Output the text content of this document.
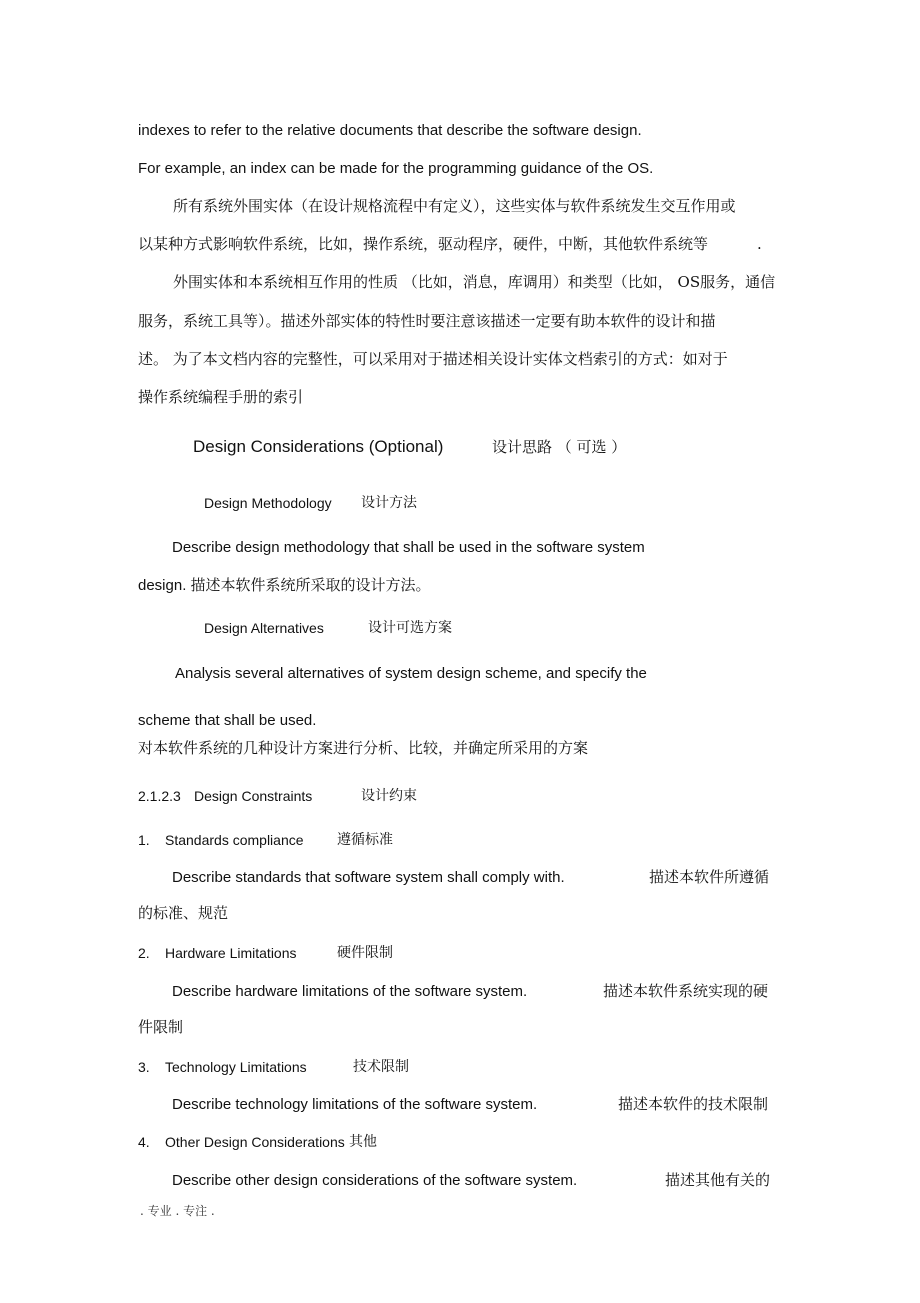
indexes to refer to the relative documents that describe the software design.
For example, an index can be made for the programming guidance of the OS.
所有系统外围实体（在设计规格流程中有定义），这些实体与软件系统发生交互作用或
以某种方式影响软件系统，比如，操作系统，驱动程序，硬件，中断，其他软件系统等	.
外围实体和本系统相互作用的性质 （比如，消息，库调用）和类型（比如， OS服务，通信
服务，系统工具等）。描述外部实体的特性时要注意该描述一定要有助本软件的设计和描
述。 为了本文档内容的完整性，可以采用对于描述相关设计实体文档索引的方式：如对于
操作系统编程手册的索引
Design Considerations (Optional)	设计思路 （ 可选 ）
Design Methodology 设计方法
Describe design methodology that shall be used in the software system
design. 描述本软件系统所采取的设计方法。
Design Alternatives	设计可选方案
Analysis several alternatives of system design scheme, and specify the
scheme that shall be used.
对本软件系统的几种设计方案进行分析、比较，并确定所采用的方案
2.1.2.3 Design Constraints	设计约束
1. Standards compliance 遵循标准
Describe standards that software system shall comply with.	描述本软件所遵循
的标准、规范
2. Hardware Limitations	硬件限制
Describe hardware limitations of the software system.	描述本软件系统实现的硬
件限制
3. Technology Limitations	技术限制
Describe technology limitations of the software system.	描述本软件的技术限制
4. Other Design Considerations 其他
Describe other design considerations of the software system.	描述其他有关的
. 专业 . 专注 .
